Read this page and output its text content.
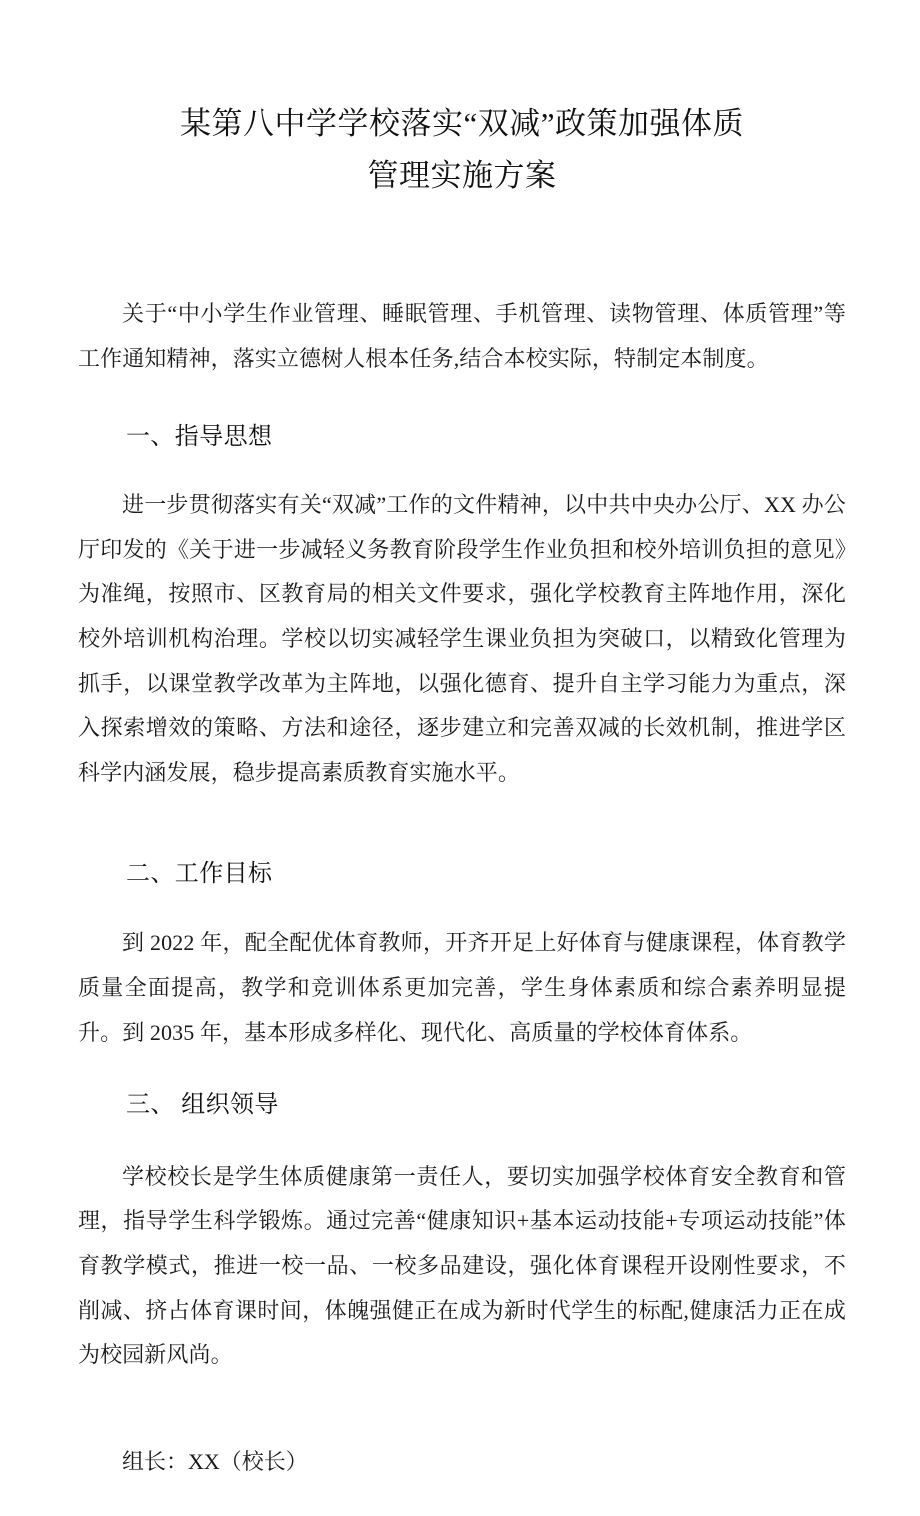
某第八中学学校落实“双减”政策加强体质
管理实施方案

关于“中小学生作业管理、睡眠管理、手机管理、读物管理、体质管理”等工作通知精神，落实立德树人根本任务,结合本校实际，特制定本制度。

一、指导思想

进一步贯彻落实有关“双减”工作的文件精神，以中共中央办公厅、XX 办公厅印发的《关于进一步减轻义务教育阶段学生作业负担和校外培训负担的意见》为准绳，按照市、区教育局的相关文件要求，强化学校教育主阵地作用，深化校外培训机构治理。学校以切实减轻学生课业负担为突破口，以精致化管理为抓手，以课堂教学改革为主阵地，以强化德育、提升自主学习能力为重点，深入探索增效的策略、方法和途径，逐步建立和完善双减的长效机制，推进学区科学内涵发展，稳步提高素质教育实施水平。

二、工作目标

到 2022 年，配全配优体育教师，开齐开足上好体育与健康课程，体育教学质量全面提高，教学和竞训体系更加完善，学生身体素质和综合素养明显提升。到 2035 年，基本形成多样化、现代化、高质量的学校体育体系。

三、 组织领导

学校校长是学生体质健康第一责任人，要切实加强学校体育安全教育和管理，指导学生科学锻炼。通过完善“健康知识+基本运动技能+专项运动技能”体育教学模式，推进一校一品、一校多品建设，强化体育课程开设刚性要求，不削减、挤占体育课时间，体魄强健正在成为新时代学生的标配,健康活力正在成为校园新风尚。

组长：XX（校长）
